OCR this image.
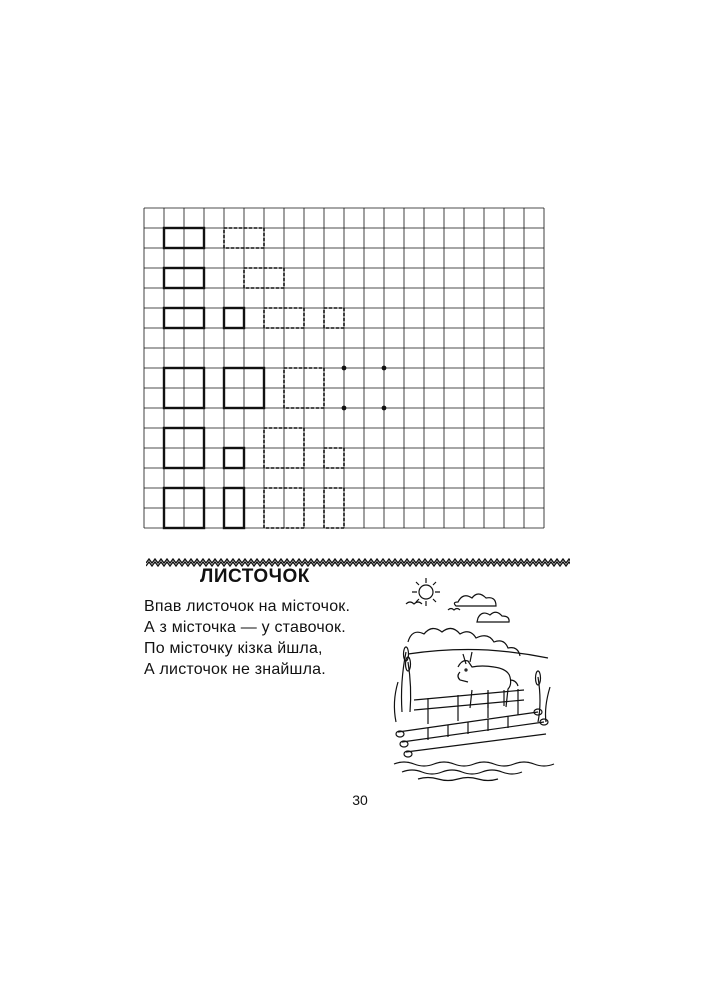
ЛИСТОЧОК
Впав листочок на місточок.
А з місточка — у ставочок.
По місточку кізка йшла,
А листочок не знайшла.
30
